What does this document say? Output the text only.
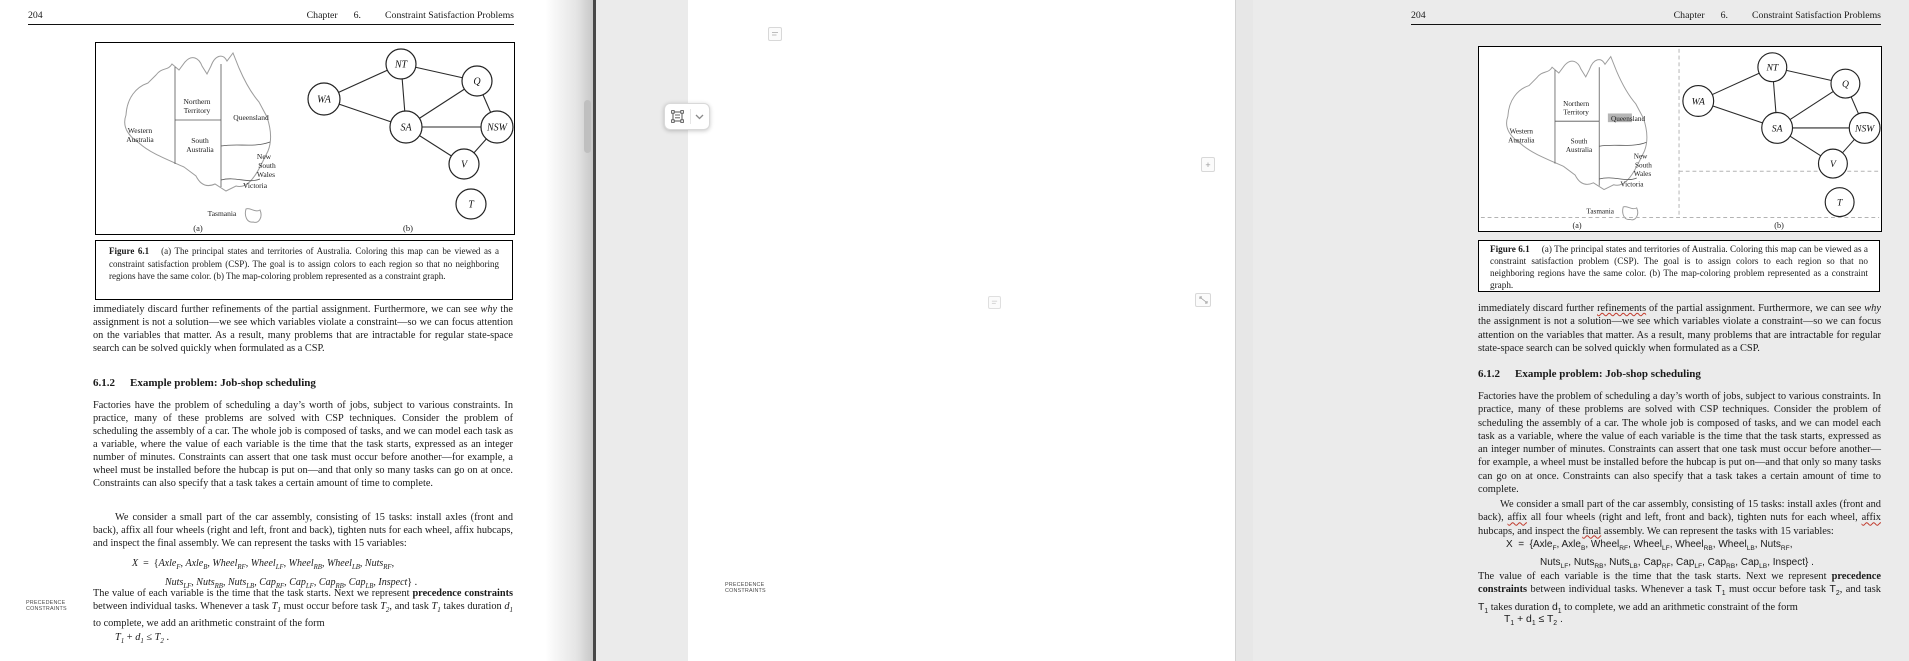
204	Chapter 6. Constraint Satisfaction Problems
Western
Australia
Northern
Territory
Queensland
South
Australia
New
South
Wales
Victoria
Tasmania
NT
Q
WA
SA	NSW
V
T
(a)	(b)
Figure 6.1 (a) The principal states and territories of Australia. Coloring this map can be viewed as a constraint satisfaction problem (CSP). The goal is to assign colors to each region so that no neighboring regions have the same color. (b) The map-coloring problem represented as a constraint graph.
immediately discard further refinements of the partial assignment. Furthermore, we can see why the assignment is not a solution—we see which variables violate a constraint—so we can focus attention on the variables that matter. As a result, many problems that are intractable for regular state-space search can be solved quickly when formulated as a CSP.
6.1.2 Example problem: Job-shop scheduling
Factories have the problem of scheduling a day’s worth of jobs, subject to various constraints. In practice, many of these problems are solved with CSP techniques. Consider the problem of scheduling the assembly of a car. The whole job is composed of tasks, and we can model each task as a variable, where the value of each variable is the time that the task starts, expressed as an integer number of minutes. Constraints can assert that one task must occur before another—for example, a wheel must be installed before the hubcap is put on—and that only so many tasks can go on at once. Constraints can also specify that a task takes a certain amount of time to complete.
We consider a small part of the car assembly, consisting of 15 tasks: install axles (front and back), affix all four wheels (right and left, front and back), tighten nuts for each wheel, affix hubcaps, and inspect the final assembly. We can represent the tasks with 15 variables:
X = {Axle$_F$, Axle$_B$, Wheel$_{RF}$, Wheel$_{LF}$, Wheel$_{RB}$, Wheel$_{LB}$, Nuts$_{RF}$,
Nuts$_{LF}$, Nuts$_{RB}$, Nuts$_{LB}$, Cap$_{RF}$, Cap$_{LF}$, Cap$_{RB}$, Cap$_{LB}$, Inspect} .
The value of each variable is the time that the task starts. Next we represent precedence constraints between individual tasks. Whenever a task $T_1$ must occur before task $T_2$, and task $T_1$ takes duration $d_1$ to complete, we add an arithmetic constraint of the form
$T_1 + d_1 \le T_2$ .
PRECEDENCE
CONSTRAINTS
204	Chapter 6. Constraint Satisfaction Problems
Western
Australia
Northern
Territory
Queensland
South
Australia
New
South
Wales
Victoria
Tasmania
NT
Q
WA
SA	NSW
V
T
(a)	(b)
Figure 6.1 (a) The principal states and territories of Australia. Coloring this map can be viewed as a constraint satisfaction problem (CSP). The goal is to assign colors to each region so that no neighboring regions have the same color. (b) The map-coloring problem represented as a constraint graph.
immediately discard further refinements of the partial assignment. Furthermore, we can see why the assignment is not a solution—we see which variables violate a constraint—so we can focus attention on the variables that matter. As a result, many problems that are intractable for regular state-space search can be solved quickly when formulated as a CSP.
6.1.2 Example problem: Job-shop scheduling
Factories have the problem of scheduling a day’s worth of jobs, subject to various constraints. In practice, many of these problems are solved with CSP techniques. Consider the problem of scheduling the assembly of a car. The whole job is composed of tasks, and we can model each task as a variable, where the value of each variable is the time that the task starts, expressed as an integer number of minutes. Constraints can assert that one task must occur before another—for example, a wheel must be installed before the hubcap is put on—and that only so many tasks can go on at once. Constraints can also specify that a task takes a certain amount of time to complete.
We consider a small part of the car assembly, consisting of 15 tasks: install axles (front and back), affix all four wheels (right and left, front and back), tighten nuts for each wheel, affix hubcaps, and inspect the final assembly. We can represent the tasks with 15 variables:
X = {Axle$_F$, Axle$_B$, Wheel$_{RF}$, Wheel$_{LF}$, Wheel$_{RB}$, Wheel$_{LB}$, Nuts$_{RF}$,
Nuts$_{LF}$, Nuts$_{RB}$, Nuts$_{LB}$, Cap$_{RF}$, Cap$_{LF}$, Cap$_{RB}$, Cap$_{LB}$, Inspect} .
The value of each variable is the time that the task starts. Next we represent precedence constraints between individual tasks. Whenever a task $T_1$ must occur before task $T_2$, and task $T_1$ takes duration $d_1$ to complete, we add an arithmetic constraint of the form
$T_1 + d_1 \le T_2$ .
PRECEDENCE
CONSTRAINTS
+
